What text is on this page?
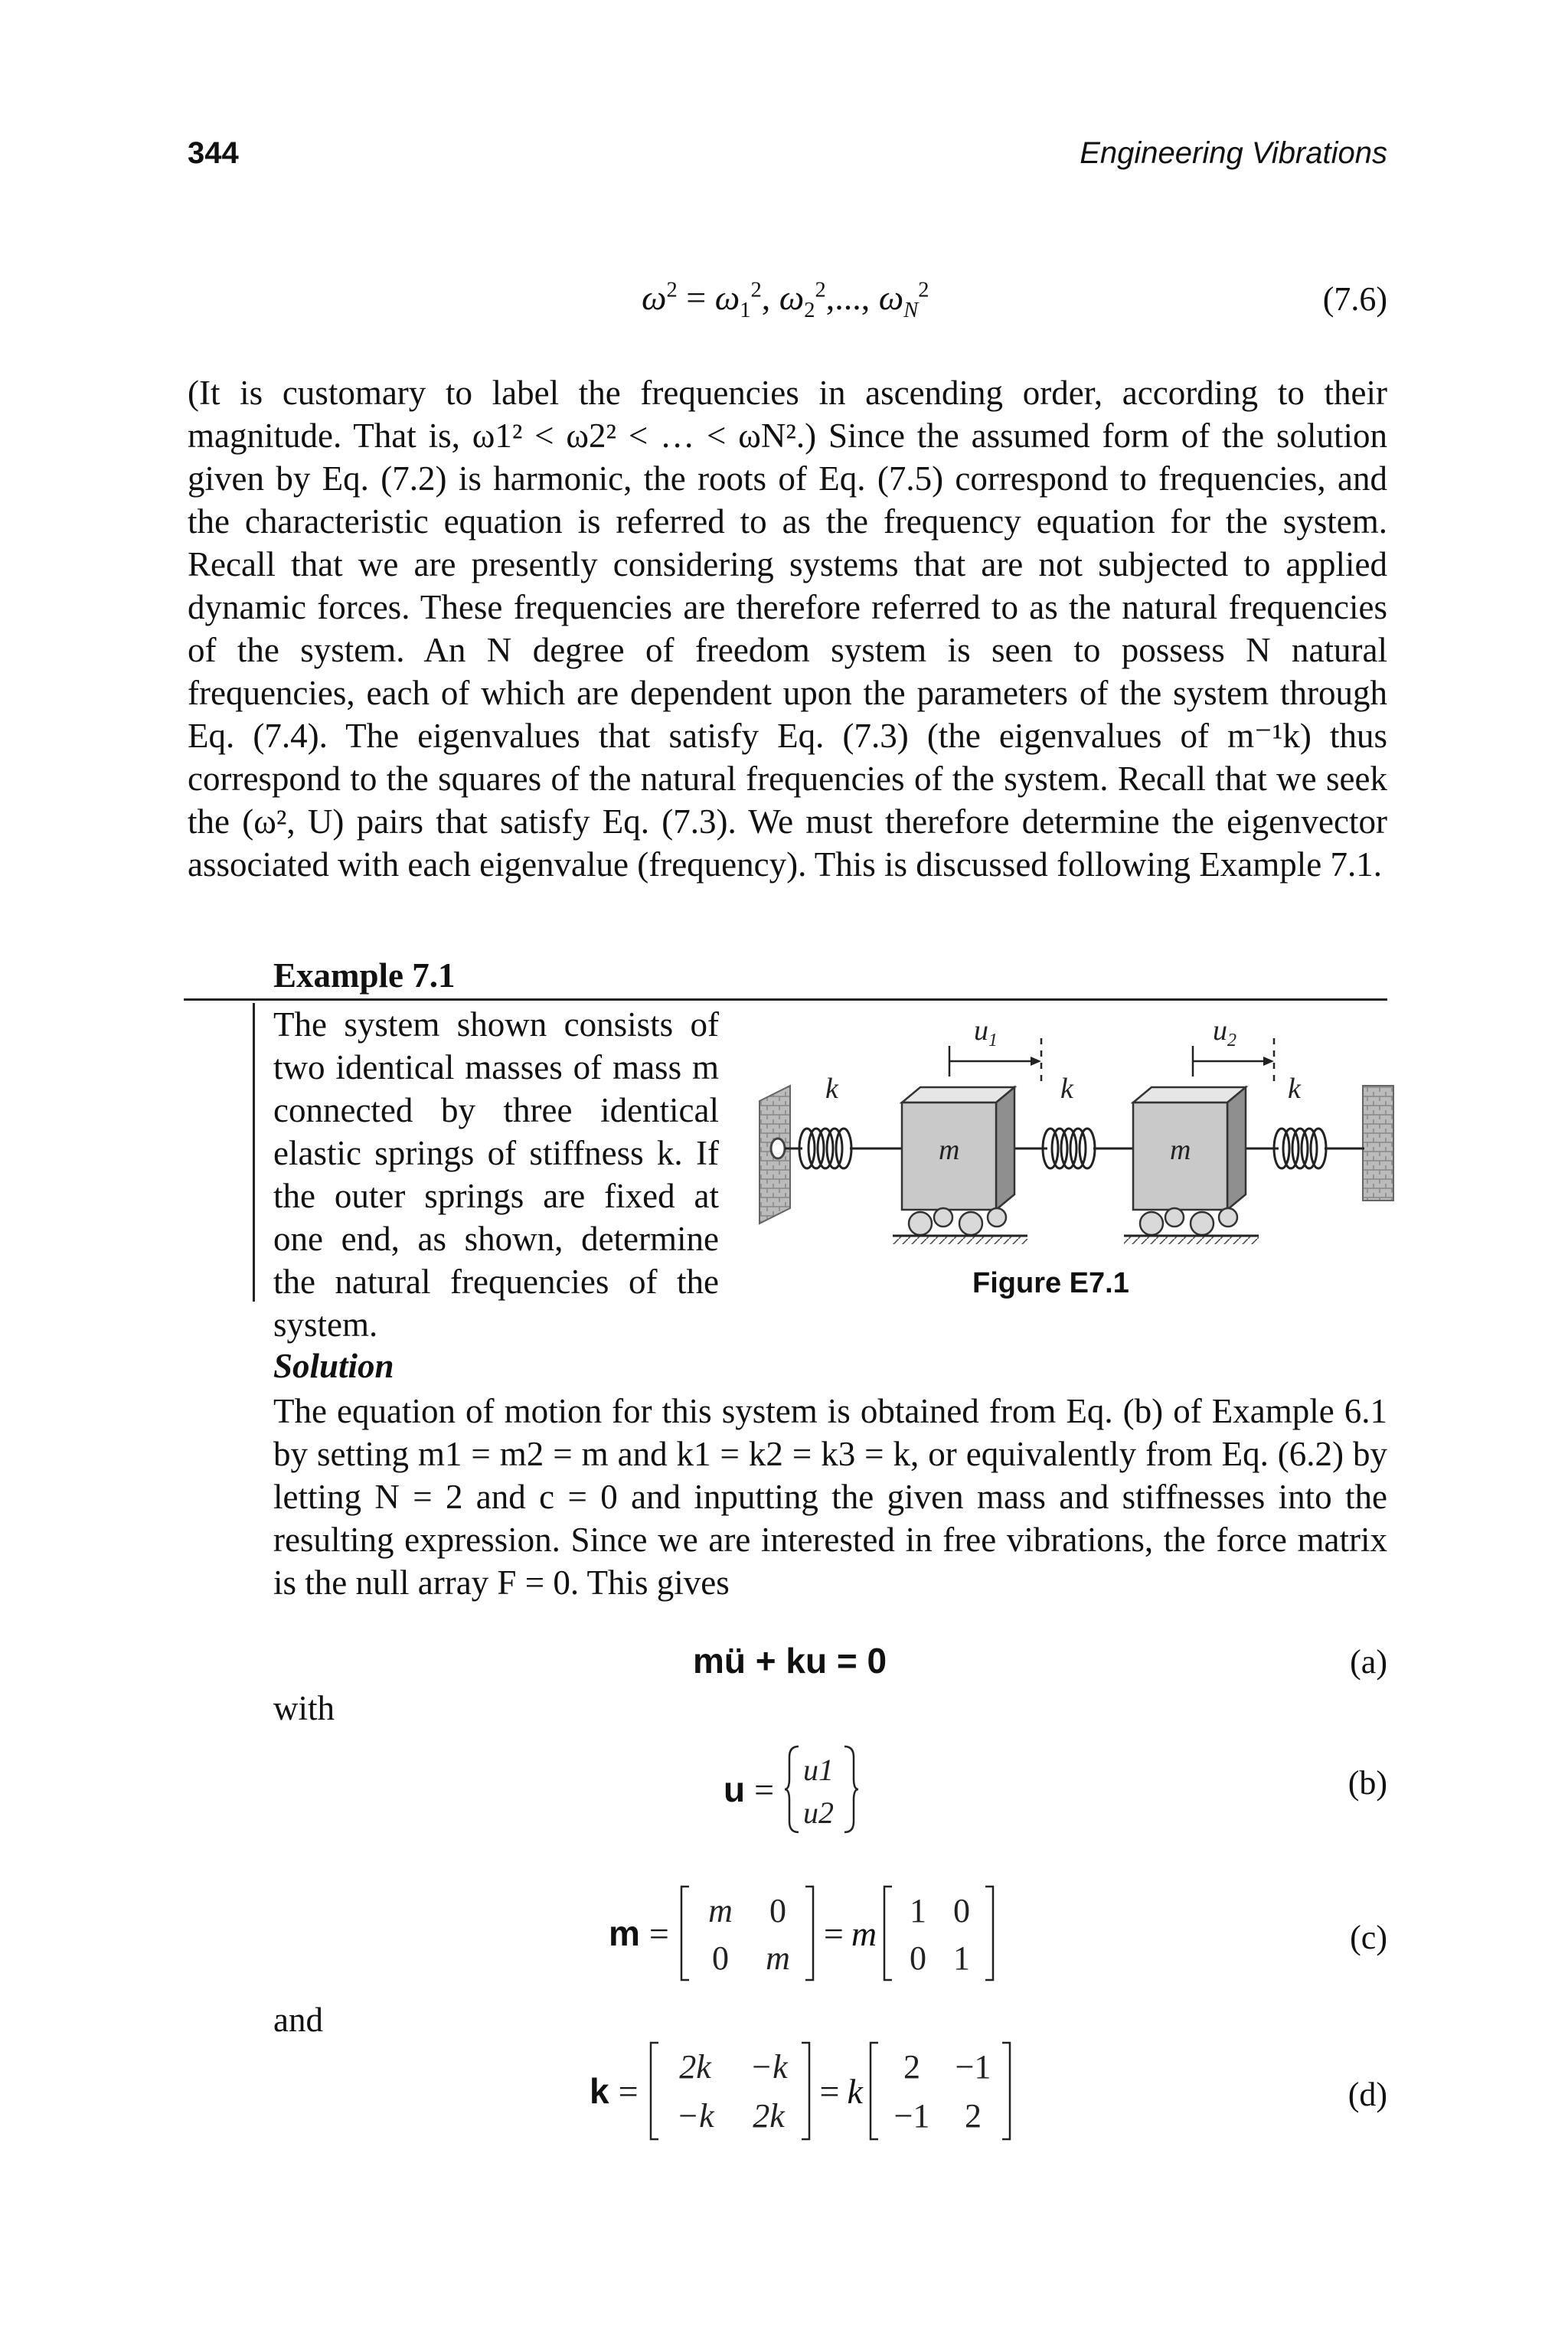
344	Engineering Vibrations
$\omega^2 = \omega_1^2$, $\omega_2^2$,..., $\omega_N^2$	(7.6)
(It is customary to label the frequencies in ascending order, according to their magnitude. That is, ω1² < ω2² < … < ωN².) Since the assumed form of the solution given by Eq. (7.2) is harmonic, the roots of Eq. (7.5) correspond to frequencies, and the characteristic equation is referred to as the frequency equation for the system. Recall that we are presently considering systems that are not subjected to applied dynamic forces. These frequencies are therefore referred to as the natural frequencies of the system. An N degree of freedom system is seen to possess N natural frequencies, each of which are dependent upon the parameters of the system through Eq. (7.4). The eigenvalues that satisfy Eq. (7.3) (the eigenvalues of m⁻¹k) thus correspond to the squares of the natural frequencies of the system. Recall that we seek the (ω², U) pairs that satisfy Eq. (7.3). We must therefore determine the eigenvector associated with each eigenvalue (frequency). This is discussed following Example 7.1.
Example 7.1
The system shown consists of two identical masses of mass m connected by three identical elastic springs of stiffness k. If the outer springs are fixed at one end, as shown, determine the natural frequencies of the system.
$u_1$	$u_2$
k	k	k
m	m
Figure E7.1
Solution
The equation of motion for this system is obtained from Eq. (b) of Example 6.1 by setting m1 = m2 = m and k1 = k2 = k3 = k, or equivalently from Eq. (6.2) by letting N = 2 and c = 0 and inputting the given mass and stiffnesses into the resulting expression. Since we are interested in free vibrations, the force matrix is the null array F = 0. This gives
mü + ku = 0	(a)
with
u = u1
u2
(b)
m =
m 0
0 m
= m
1 0
0 1
(c)
and
k =
2k −k
−k 2k
= k
2 −1
−1 2
(d)
